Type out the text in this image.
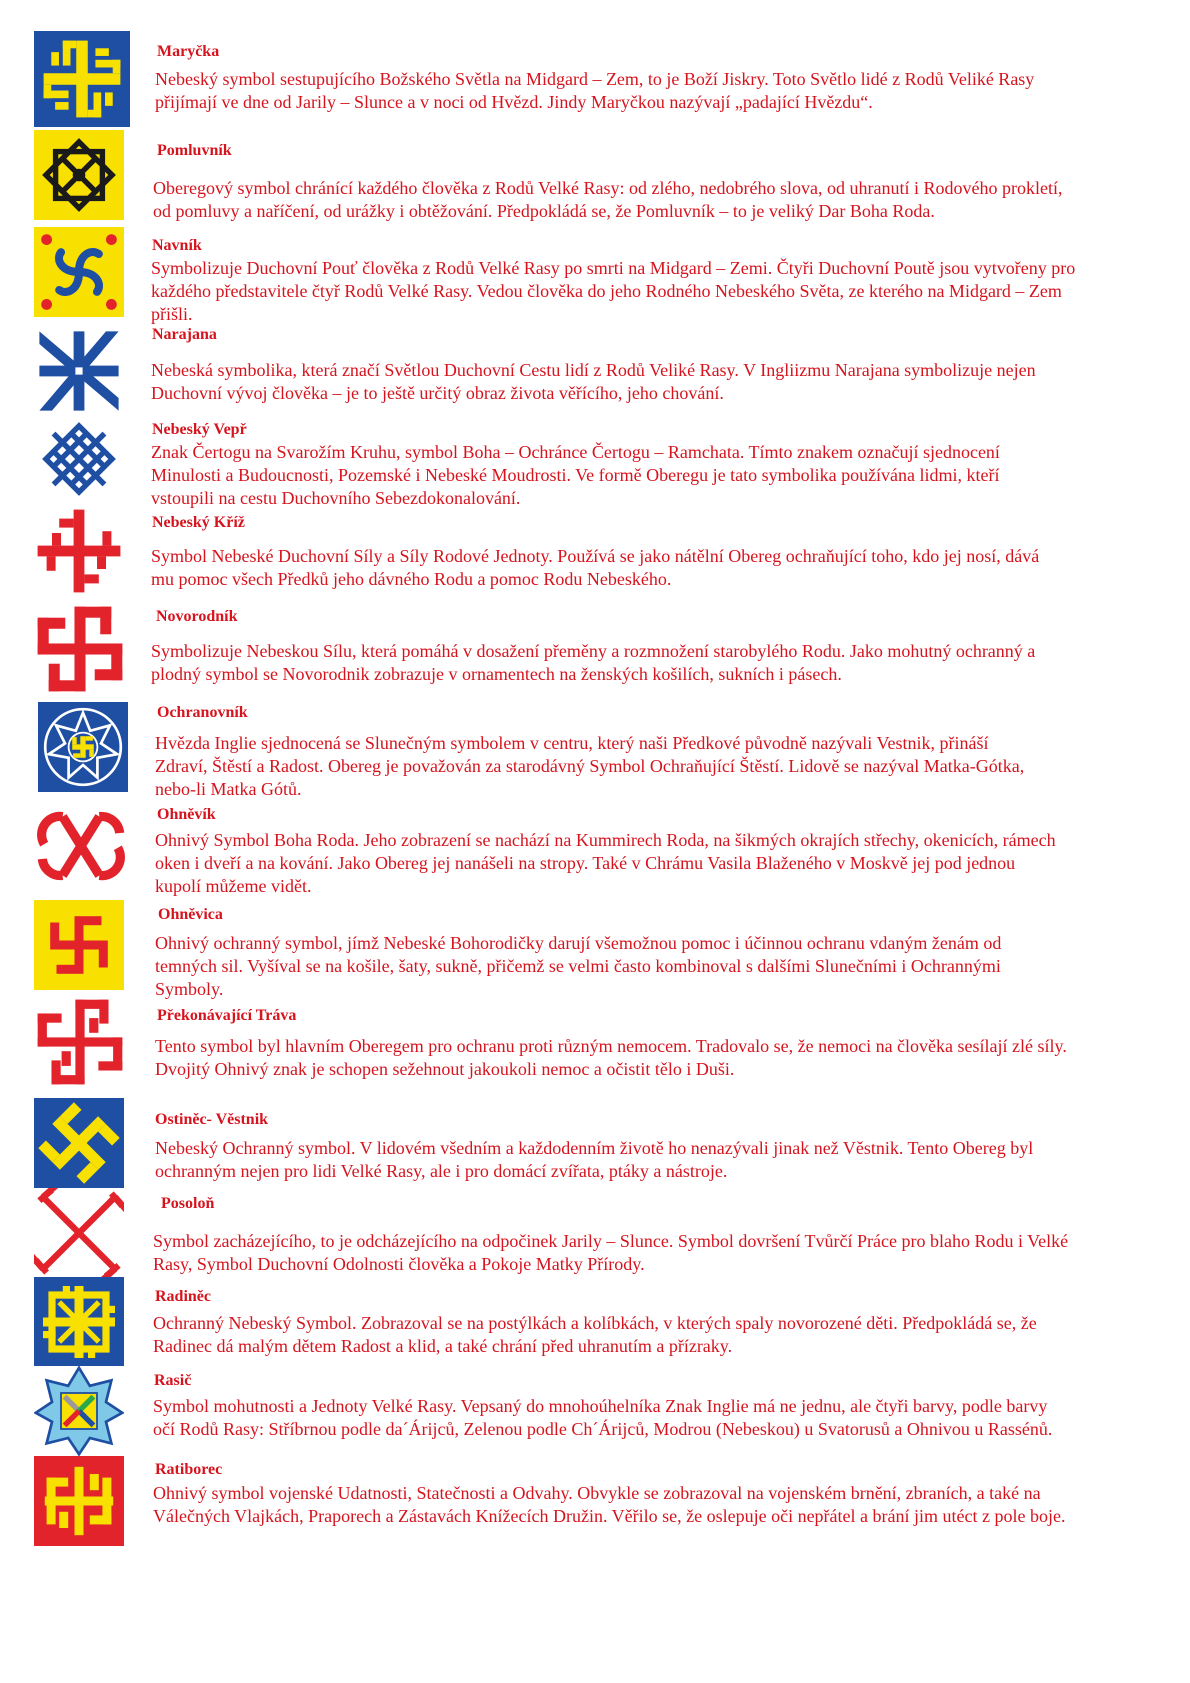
Maryčka
Nebeský symbol sestupujícího Božského Světla na Midgard – Zem, to je Boží Jiskry. Toto Světlo lidé z Rodů Veliké Rasy přijímají ve dne od Jarily – Slunce a v noci od Hvězd. Jindy Maryčkou nazývají „padající Hvězdu“.
Pomluvník
Oberegový symbol chránící každého člověka z Rodů Velké Rasy: od zlého, nedobrého slova, od uhranutí i Rodového prokletí, od pomluvy a naříčení, od urážky i obtěžování. Předpokládá se, že Pomluvník – to je veliký Dar Boha Roda.
Navník
Symbolizuje Duchovní Pouť člověka z Rodů Velké Rasy po smrti na Midgard – Zemi. Čtyři Duchovní Poutě jsou vytvořeny pro každého představitele čtyř Rodů Velké Rasy. Vedou člověka do jeho Rodného Nebeského Světa, ze kterého na Midgard – Zem přišli.
Narajana
Nebeská symbolika, která značí Světlou Duchovní Cestu lidí z Rodů Veliké Rasy. V Ingliizmu Narajana symbolizuje nejen Duchovní vývoj člověka – je to ještě určitý obraz života věřícího, jeho chování.
Nebeský Vepř
Znak Čertogu na Svarožím Kruhu, symbol Boha – Ochránce Čertogu – Ramchata. Tímto znakem označují sjednocení Minulosti a Budoucnosti, Pozemské i Nebeské Moudrosti. Ve formě Oberegu je tato symbolika používána lidmi, kteří vstoupili na cestu Duchovního Sebezdokonalování.
Nebeský Kříž
Symbol Nebeské Duchovní Síly a Síly Rodové Jednoty. Používá se jako nátělní Obereg ochraňující toho, kdo jej nosí, dává mu pomoc všech Předků jeho dávného Rodu a pomoc Rodu Nebeského.
Novorodník
Symbolizuje Nebeskou Sílu, která pomáhá v dosažení přeměny a rozmnožení starobylého Rodu. Jako mohutný ochranný a plodný symbol se Novorodnik zobrazuje v ornamentech na ženských košilích, sukních i pásech.
Ochranovník
Hvězda Inglie sjednocená se Slunečným symbolem v centru, který naši Předkové původně nazývali Vestnik, přináší Zdraví, Štěstí a Radost. Obereg je považován za starodávný Symbol Ochraňující Štěstí. Lidově se nazýval Matka-Gótka, nebo-li Matka Gótů.
Ohněvík
Ohnivý Symbol Boha Roda. Jeho zobrazení se nachází na Kummirech Roda, na šikmých okrajích střechy, okenicích, rámech oken i dveří a na kování. Jako Obereg jej nanášeli na stropy. Také v Chrámu Vasila Blaženého v Moskvě jej pod jednou kupolí můžeme vidět.
Ohněvica
Ohnivý ochranný symbol, jímž Nebeské Bohorodičky darují všemožnou pomoc i účinnou ochranu vdaným ženám od temných sil. Vyšíval se na košile, šaty, sukně, přičemž se velmi často kombinoval s dalšími Slunečními i Ochrannými Symboly.
Překonávající Tráva
Tento symbol byl hlavním Oberegem pro ochranu proti různým nemocem. Tradovalo se, že nemoci na člověka sesílají zlé síly. Dvojitý Ohnivý znak je schopen sežehnout jakoukoli nemoc a očistit tělo i Duši.
Ostiněc- Věstnik
Nebeský Ochranný symbol. V lidovém všedním a každodenním životě ho nenazývali jinak než Věstnik. Tento Obereg byl ochranným nejen pro lidi Velké Rasy, ale i pro domácí zvířata, ptáky a nástroje.
Posoloň
Symbol zacházejícího, to je odcházejícího na odpočinek Jarily – Slunce. Symbol dovršení Tvůrčí Práce pro blaho Rodu i Velké Rasy, Symbol Duchovní Odolnosti člověka a Pokoje Matky Přírody.
Radiněc
Ochranný Nebeský Symbol. Zobrazoval se na postýlkách a kolíbkách, v kterých spaly novorozené děti. Předpokládá se, že Radinec dá malým dětem Radost a klid, a také chrání před uhranutím a přízraky.
Rasič
Symbol mohutnosti a Jednoty Velké Rasy. Vepsaný do mnohoúhelníka Znak Inglie má ne jednu, ale čtyři barvy, podle barvy očí Rodů Rasy: Stříbrnou podle da´Árijců, Zelenou podle Ch´Árijců, Modrou (Nebeskou) u Svatorusů a Ohnivou u Rassénů.
Ratiborec
Ohnivý symbol vojenské Udatnosti, Statečnosti a Odvahy. Obvykle se zobrazoval na vojenském brnění, zbraních, a také na Válečných Vlajkách, Praporech a Zástavách Knížecích Družin. Věřilo se, že oslepuje oči nepřátel a brání jim utéct z pole boje.
